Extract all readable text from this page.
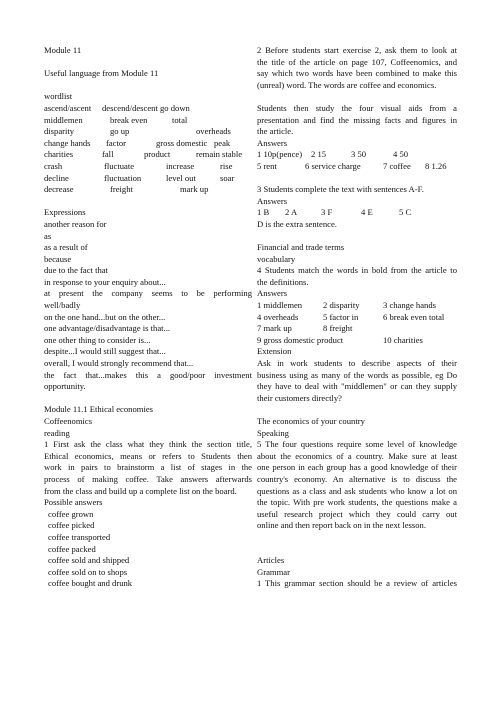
Module 11
Useful language from Module 11
wordlist
ascend/ascent	descend/descent go down
middlemen	break even	total
disparity	go up	overheads
change hands	factor	gross domestic peak
charities	fall	product	remain stable
crash	fluctuate	increase	rise
decline	fluctuation	level out	soar
decrease	freight	mark up
Expressions
another reason for
as
as a result of
because
due to the fact that
in response to your enquiry about...
at present the company seems to be performing
well/badly
on the one hand...but on the other...
one advantage/disadvantage is that...
one other thing to consider is...
despite...I would still suggest that...
overall, I would strongly recommend that...
the fact that...makes this a good/poor investment
opportunity.
Module 11.1 Ethical economies
Coffeenomics
reading
1 First ask the class what they think the section title,
Ethical economics, means or refers to Students then
work in pairs to brainstorm a list of stages in the
process of making coffee. Take answers afterwards
from the class and build up a complete list on the board.
Possible answers
coffee grown
coffee picked
coffee transported
coffee packed
coffee sold and shipped
coffee sold on to shops
coffee bought and drunk
2 Before students start exercise 2, ask them to look at
the title of the article on page 107, Coffeenomics, and
say which two words have been combined to make this
(unreal) word. The words are coffee and economics.
Students then study the four visual aids from a
presentation and find the missing facts and figures in
the article.
Answers
1 10p(pence)	2 15	3 50	4 50
5 rent	6 service charge	7 coffee	8 1.26
3 Students complete the text with sentences A-F.
Answers
1 B	2 A	3 F	4 E	5 C
D is the extra sentence.
Financial and trade terms
vocabulary
4 Students match the words in bold from the article to
the definitions.
Answers
1 middlemen	2 disparity	3 change hands
4 overheads	5 factor in	6 break even total
7 mark up	8 freight
9 gross domestic product	10 charities
Extension
Ask in work students to describe aspects of their
business using as many of the words as possible, eg Do
they have to deal with "middlemen" or can they supply
their customers directly?
The economics of your country
Speaking
5 The four questions require some level of knowledge
about the economics of a country. Make sure at least
one person in each group has a good knowledge of their
country's economy. An alternative is to discuss the
questions as a class and ask students who know a lot on
the topic. With pre work students, the questions make a
useful research project which they could carry out
online and then report back on in the next lesson.
Articles
Grammar
1 This grammar section should be a review of articles
